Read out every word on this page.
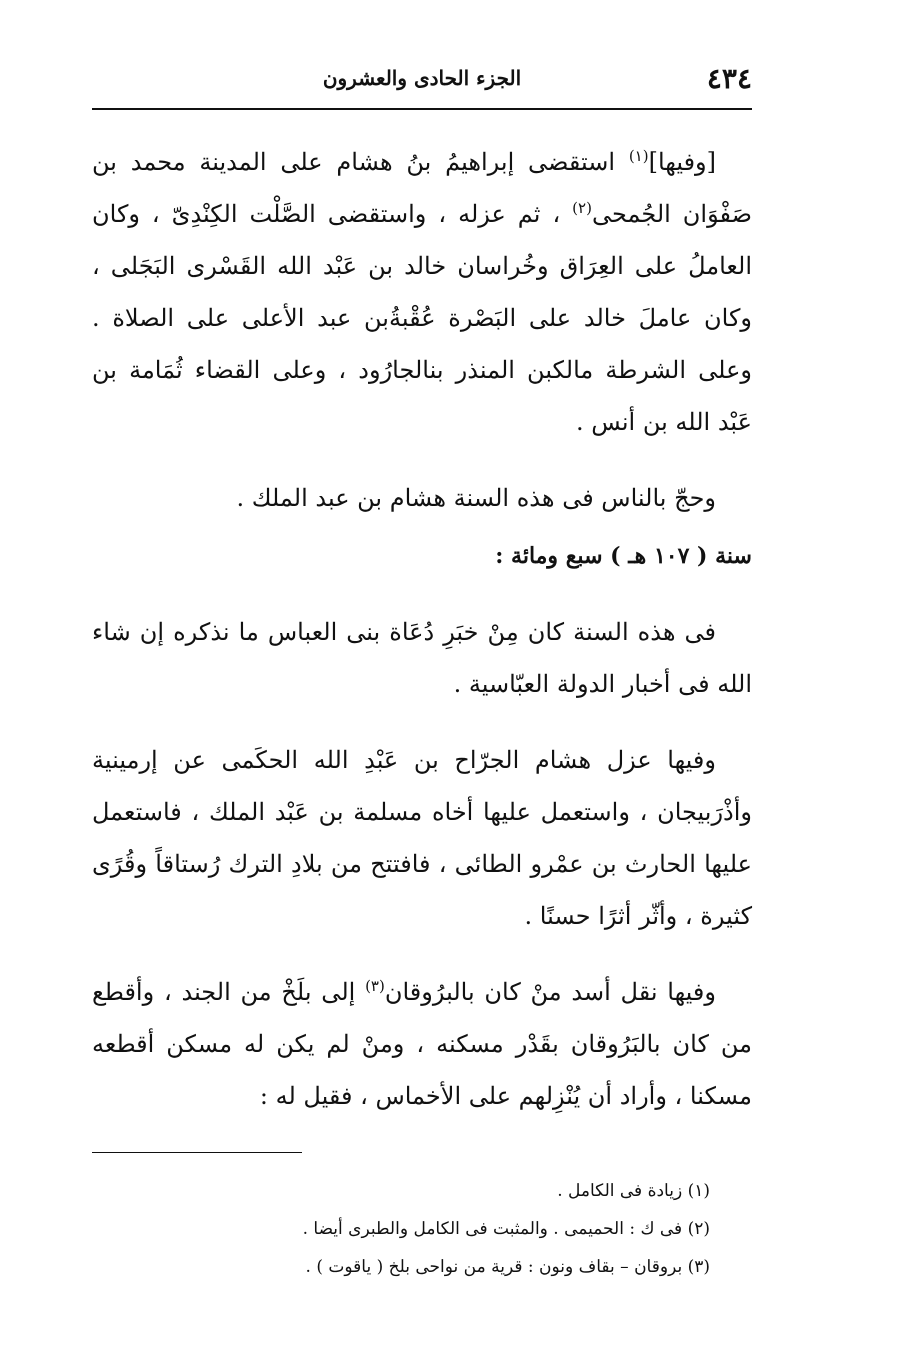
٤٣٤
الجزء الحادى والعشرون

[وفيها]$^{(١)}$ استقضى إبراهيمُ بنُ هشام على المدينة محمد بن صَفْوَان الجُمحى$^{(٢)}$ ، ثم عزله ، واستقضى الصَّلْت الكِنْدِىّ ، وكان العاملُ على العِرَاق وخُراسان خالد بن عَبْد الله القَسْرى البَجَلى ، وكان عاملَ خالد على البَصْرة عُقْبةُبن عبد الأعلى على الصلاة . وعلى الشرطة مالكبن المنذر بنالجارُود ، وعلى القضاء ثُمَامة بن عَبْد الله بن أنس .

وحجّ بالناس فى هذه السنة هشام بن عبد الملك .

سنة ( ١٠٧ هـ ) سبع ومائة :

فى هذه السنة كان مِنْ خبَرِ دُعَاة بنى العباس ما نذكره إن شاء الله فى أخبار الدولة العبّاسية .

وفيها عزل هشام الجرّاح بن عَبْدِ الله الحكَمى عن إرمينية وأذْرَبيجان ، واستعمل عليها أخاه مسلمة بن عَبْد الملك ، فاستعمل عليها الحارث بن عمْرو الطائى ، فافتتح من بلادِ الترك رُستاقاً وقُرًى كثيرة ، وأثّر أثرًا حسنًا .

وفيها نقل أسد منْ كان بالبرُوقان$^{(٣)}$ إلى بلَخْ من الجند ، وأقطع من كان بالبَرُوقان بقَدْر مسكنه ، ومنْ لم يكن له مسكن أقطعه مسكنا ، وأراد أن يُنْزِلهم على الأخماس ، فقيل له :

(١) زيادة فى الكامل .

(٢) فى ك : الحميمى . والمثبت فى الكامل والطبرى أيضا .

(٣) بروقان – بقاف ونون : قرية من نواحى بلخ ( ياقوت ) .
